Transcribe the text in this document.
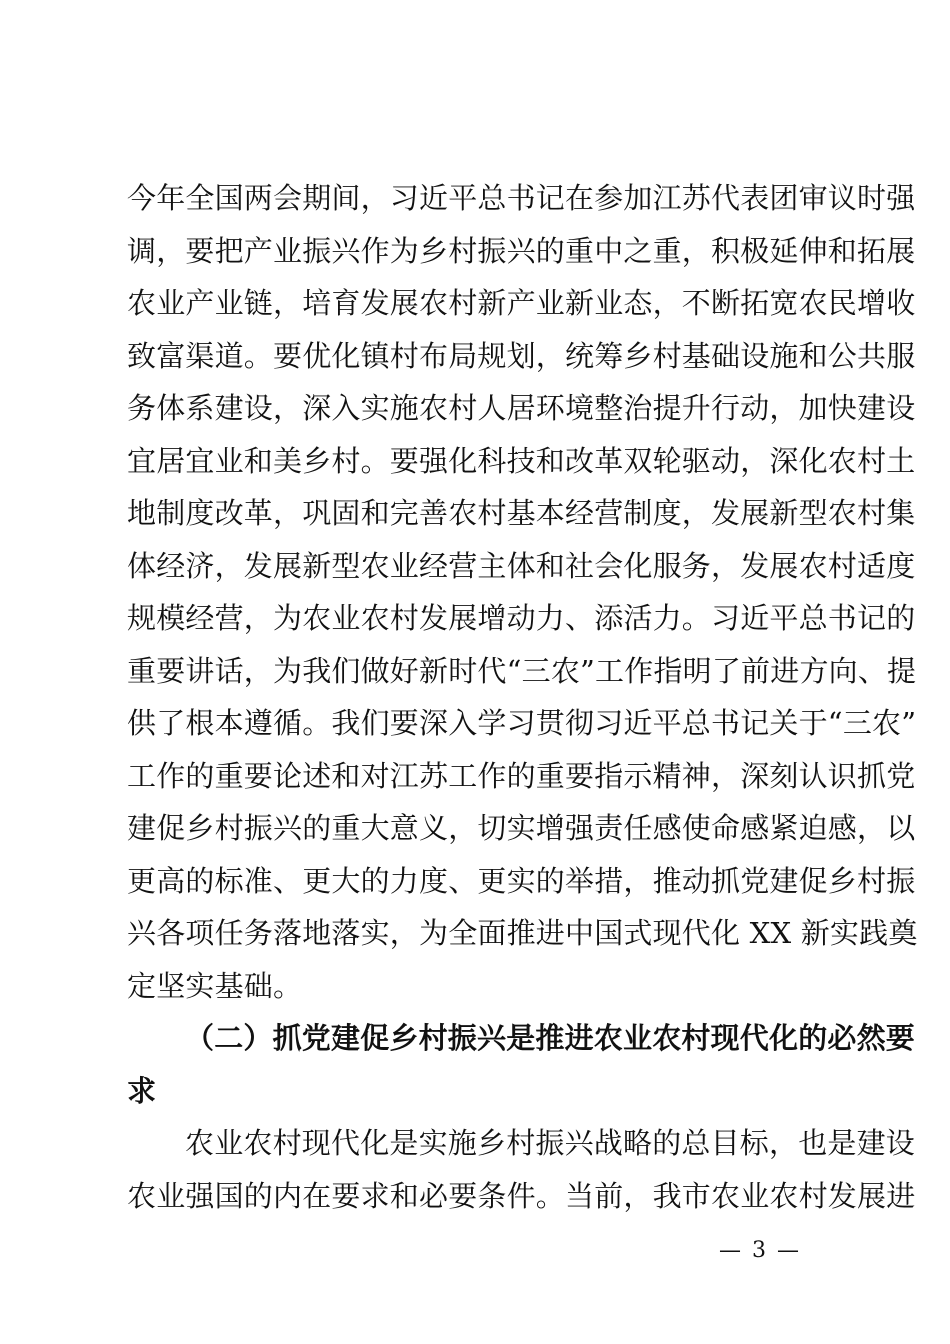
今年全国两会期间，习近平总书记在参加江苏代表团审议时强
调，要把产业振兴作为乡村振兴的重中之重，积极延伸和拓展
农业产业链，培育发展农村新产业新业态，不断拓宽农民增收
致富渠道。要优化镇村布局规划，统筹乡村基础设施和公共服
务体系建设，深入实施农村人居环境整治提升行动，加快建设
宜居宜业和美乡村。要强化科技和改革双轮驱动，深化农村土
地制度改革，巩固和完善农村基本经营制度，发展新型农村集
体经济，发展新型农业经营主体和社会化服务，发展农村适度
规模经营，为农业农村发展增动力、添活力。习近平总书记的
重要讲话，为我们做好新时代“三农”工作指明了前进方向、提
供了根本遵循。我们要深入学习贯彻习近平总书记关于“三农”
工作的重要论述和对江苏工作的重要指示精神，深刻认识抓党
建促乡村振兴的重大意义，切实增强责任感使命感紧迫感，以
更高的标准、更大的力度、更实的举措，推动抓党建促乡村振
兴各项任务落地落实，为全面推进中国式现代化 XX 新实践奠
定坚实基础。
（二）抓党建促乡村振兴是推进农业农村现代化的必然要
求
农业农村现代化是实施乡村振兴战略的总目标，也是建设
农业强国的内在要求和必要条件。当前，我市农业农村发展进
— 3 —
